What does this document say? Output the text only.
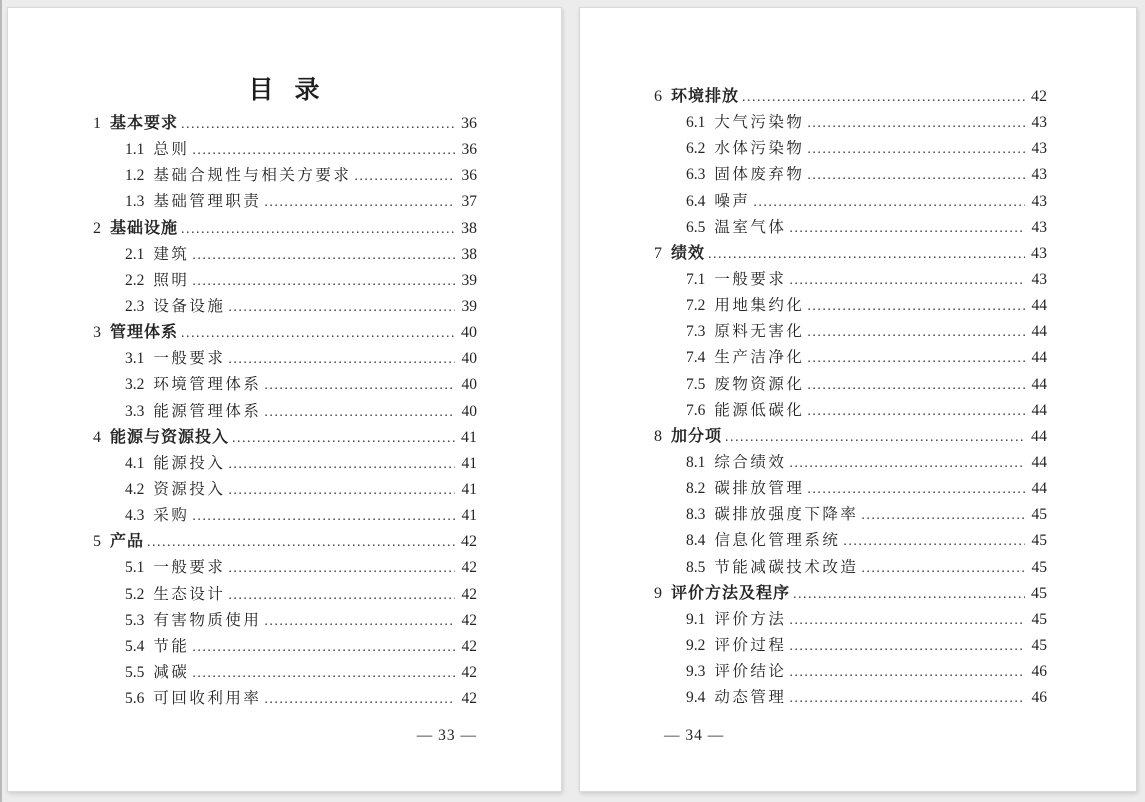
目 录
1 基本要求 .....	36
1.1 总则 .....	36
1.2 基础合规性与相关方要求 .....	36
1.3 基础管理职责 .....	37
2 基础设施 .....	38
2.1 建筑 .....	38
2.2 照明 .....	39
2.3 设备设施 .....	39
3 管理体系 .....	40
3.1 一般要求 .....	40
3.2 环境管理体系 .....	40
3.3 能源管理体系 .....	40
4 能源与资源投入 .....	41
4.1 能源投入 .....	41
4.2 资源投入 .....	41
4.3 采购 .....	41
5 产品 .....	42
5.1 一般要求 .....	42
5.2 生态设计 .....	42
5.3 有害物质使用 .....	42
5.4 节能 .....	42
5.5 减碳 .....	42
5.6 可回收利用率 .....	42
— 33 —
6 环境排放 .....	42
6.1 大气污染物 .....	43
6.2 水体污染物 .....	43
6.3 固体废弃物 .....	43
6.4 噪声 .....	43
6.5 温室气体 .....	43
7 绩效 .....	43
7.1 一般要求 .....	43
7.2 用地集约化 .....	44
7.3 原料无害化 .....	44
7.4 生产洁净化 .....	44
7.5 废物资源化 .....	44
7.6 能源低碳化 .....	44
8 加分项 .....	44
8.1 综合绩效 .....	44
8.2 碳排放管理 .....	44
8.3 碳排放强度下降率 .....	45
8.4 信息化管理系统 .....	45
8.5 节能减碳技术改造 .....	45
9 评价方法及程序 .....	45
9.1 评价方法 .....	45
9.2 评价过程 .....	45
9.3 评价结论 .....	46
9.4 动态管理 .....	46
— 34 —
